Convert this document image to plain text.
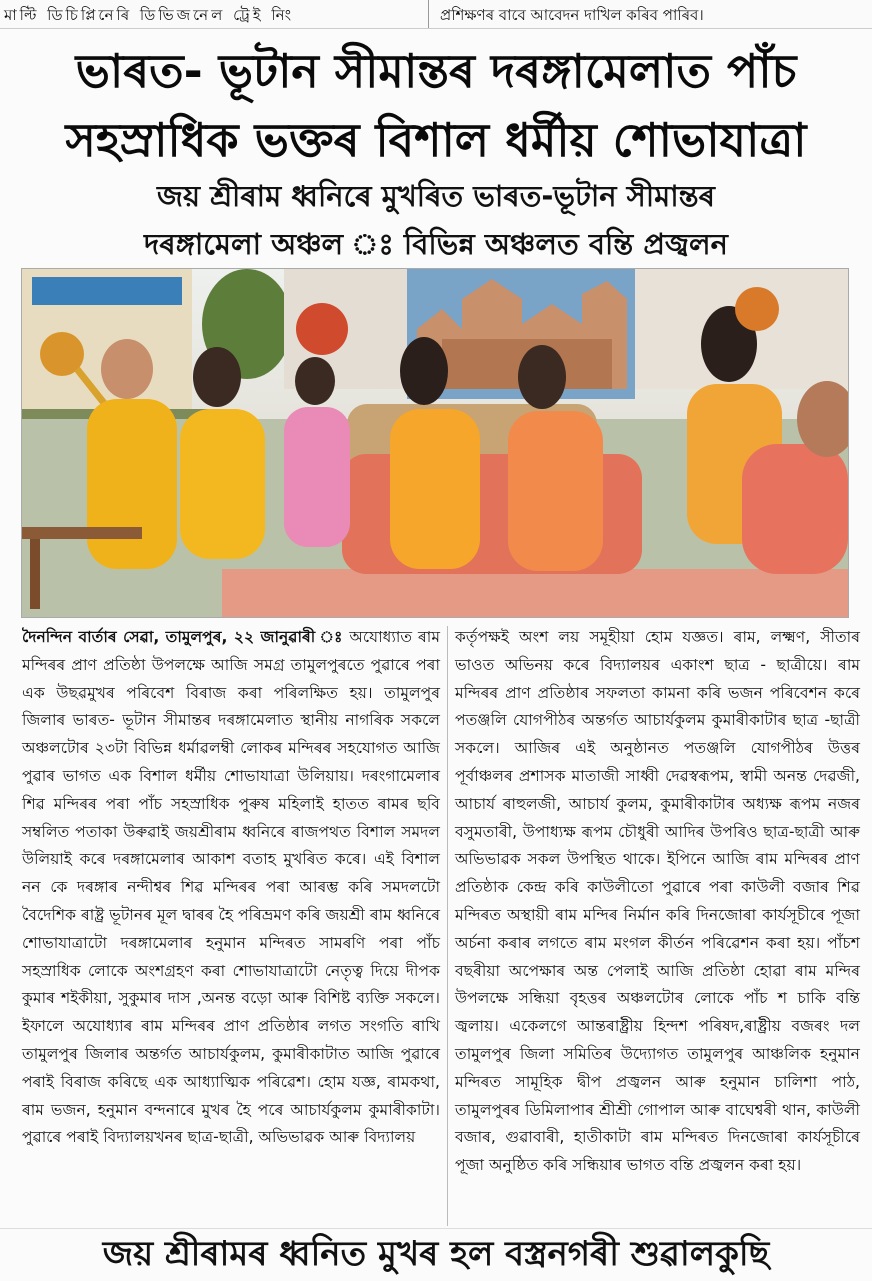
মাল্টি ডিচিপ্লিনেৰি ডিভিজনেল ট্ৰেই নিং	প্ৰশিক্ষণৰ বাবে আবেদন দাখিল কৰিব পাৰিব।
ভাৰত- ভূটান সীমান্তৰ দৰঙ্গামেলাত পাঁচ
সহস্ৰাধিক ভক্তৰ বিশাল ধৰ্মীয় শোভাযাত্ৰা
জয় শ্ৰীৰাম ধ্বনিৰে মুখৰিত ভাৰত-ভূটান সীমান্তৰ
দৰঙ্গামেলা অঞ্চল ঃ বিভিন্ন অঞ্চলত বন্তি প্ৰজ্বলন
দৈনন্দিন বাৰ্তাৰ সেৱা, তামুলপুৰ, ২২ জানুৱাৰী ঃ অযোধ্যাত ৰাম মন্দিৰৰ প্ৰাণ প্ৰতিষ্ঠা উপলক্ষে আজি সমগ্ৰ তামুলপুৰতে পুৱাৰে পৰা এক উছৱমুখৰ পৰিবেশ বিৰাজ কৰা পৰিলক্ষিত হয়। তামুলপুৰ জিলাৰ ভাৰত- ভূটান সীমান্তৰ দৰঙ্গামেলাত স্থানীয় নাগৰিক সকলে অঞ্চলটোৰ ২৩টা বিভিন্ন ধৰ্মাৱলম্বী লোকৰ মন্দিৰৰ সহযোগত আজি পুৱাৰ ভাগত এক বিশাল ধৰ্মীয় শোভাযাত্ৰা উলিয়ায়। দৰংগামেলাৰ শিৱ মন্দিৰৰ পৰা পাঁচ সহস্ৰাধিক পুৰুষ মহিলাই হাতত ৰামৰ ছবি সম্বলিত পতাকা উৰুৱাই জয়শ্ৰীৰাম ধ্বনিৰে ৰাজপথত বিশাল সমদল উলিয়াই কৰে দৰঙ্গামেলাৰ আকাশ বতাহ মুখৰিত কৰে। এই বিশাল নন কে দৰঙ্গাৰ নন্দীশ্বৰ শিৱ মন্দিৰৰ পৰা আৰম্ভ কৰি সমদলটো বৈদেশিক ৰাষ্ট্ৰ ভূটানৰ মূল দ্বাৰৰ হৈ পৰিভ্ৰমণ কৰি জয়শ্ৰী ৰাম ধ্বনিৰে শোভাযাত্ৰাটো দৰঙ্গামেলাৰ হনুমান মন্দিৰত সামৰণি পৰা পাঁচ সহস্ৰাধিক লোকে অংশগ্ৰহণ কৰা শোভাযাত্ৰাটো নেতৃত্ব দিয়ে দীপক কুমাৰ শইকীয়া, সুকুমাৰ দাস ,অনন্ত বড়ো আৰু বিশিষ্ট ব্যক্তি সকলে। ইফালে অযোধ্যাৰ ৰাম মন্দিৰৰ প্ৰাণ প্ৰতিষ্ঠাৰ লগত সংগতি ৰাখি তামুলপুৰ জিলাৰ অন্তৰ্গত আচাৰ্যকুলম, কুমাৰীকাটাত আজি পুৱাৰে পৰাই বিৰাজ কৰিছে এক আধ্যাত্মিক পৰিৱেশ। হোম যজ্ঞ, ৰামকথা, ৰাম ভজন, হনুমান বন্দনাৰে মুখৰ হৈ পৰে আচাৰ্যকুলম কুমাৰীকাটা। পুৱাৰে পৰাই বিদ্যালয়খনৰ ছাত্ৰ-ছাত্ৰী, অভিভাৱক আৰু বিদ্যালয়
কৰ্তৃপক্ষই অংশ লয় সমূহীয়া হোম যজ্ঞত। ৰাম, লক্ষ্মণ, সীতাৰ ভাওত অভিনয় কৰে বিদ্যালয়ৰ একাংশ ছাত্ৰ - ছাত্ৰীয়ে। ৰাম মন্দিৰৰ প্ৰাণ প্ৰতিষ্ঠাৰ সফলতা কামনা কৰি ভজন পৰিবেশন কৰে পতঞ্জলি যোগপীঠৰ অন্তৰ্গত আচাৰ্যকুলম কুমাৰীকাটাৰ ছাত্ৰ -ছাত্ৰী সকলে। আজিৰ এই অনুষ্ঠানত পতঞ্জলি যোগপীঠৰ উত্তৰ পূৰ্বাঞ্চলৰ প্ৰশাসক মাতাজী সাধ্বী দেৱস্বৰূপম, স্বামী অনন্ত দেৱজী, আচাৰ্য ৰাহুলজী, আচাৰ্য কুলম, কুমাৰীকাটাৰ অধ্যক্ষ ৰূপম নজৰ বসুমতাৰী, উপাধ্যক্ষ ৰূপম চৌধুৰী আদিৰ উপৰিও ছাত্ৰ-ছাত্ৰী আৰু অভিভাৱক সকল উপস্থিত থাকে। ইপিনে আজি ৰাম মন্দিৰৰ প্ৰাণ প্ৰতিষ্ঠাক কেন্দ্ৰ কৰি কাউলীতো পুৱাৰে পৰা কাউলী বজাৰ শিৱ মন্দিৰত অস্থায়ী ৰাম মন্দিৰ নিৰ্মান কৰি দিনজোৰা কাৰ্যসূচীৰে পূজা অৰ্চনা কৰাৰ লগতে ৰাম মংগল কীৰ্তন পৰিৱেশন কৰা হয়। পাঁচশ বছৰীয়া অপেক্ষাৰ অন্ত পেলাই আজি প্ৰতিষ্ঠা হোৱা ৰাম মন্দিৰ উপলক্ষে সন্ধিয়া বৃহত্তৰ অঞ্চলটোৰ লোকে পাঁচ শ চাকি বন্তি জ্বলায়। একেলগে আন্তৰাষ্ট্ৰীয় হিন্দশ পৰিষদ,ৰাষ্ট্ৰীয় বজৰং দল তামুলপুৰ জিলা সমিতিৰ উদ্যোগত তামুলপুৰ আঞ্চলিক হনুমান মন্দিৰত সামূহিক দ্বীপ প্ৰজ্বলন আৰু হনুমান চালিশা পাঠ, তামুলপুৰৰ ডিমিলাপাৰ শ্ৰীশ্ৰী গোপাল আৰু বাঘেশ্বৰী থান, কাউলী বজাৰ, গুৱাবাৰী, হাতীকাটা ৰাম মন্দিৰত দিনজোৰা কাৰ্যসূচীৰে পূজা অনুষ্ঠিত কৰি সন্ধিয়াৰ ভাগত বন্তি প্ৰজ্বলন কৰা হয়।
জয় শ্ৰীৰামৰ ধ্বনিত মুখৰ হল বস্ত্ৰনগৰী শুৱালকুছি
